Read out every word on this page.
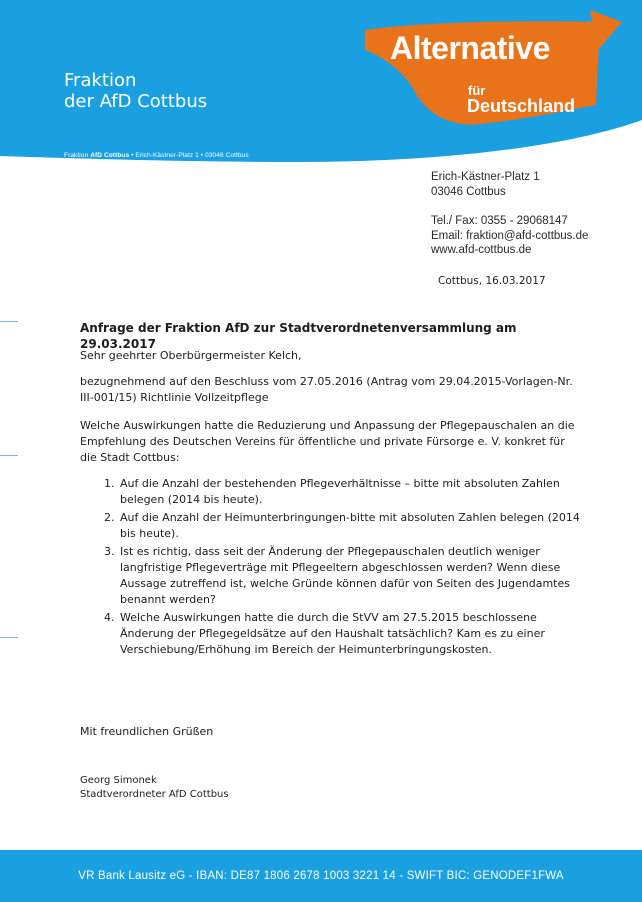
Fraktion
der AfD Cottbus
Alternative
für
Deutschland
Fraktion AfD Cottbus • Erich-Kästner-Platz 1 • 03046 Cottbus
Erich-Kästner-Platz 1
03046 Cottbus
Tel./ Fax: 0355 - 29068147
Email: fraktion@afd-cottbus.de
www.afd-cottbus.de
Cottbus, 16.03.2017
Anfrage der Fraktion AfD zur Stadtverordnetenversammlung am 29.03.2017
Sehr geehrter Oberbürgermeister Kelch,
bezugnehmend auf den Beschluss vom 27.05.2016 (Antrag vom 29.04.2015-Vorlagen-Nr. III-001/15) Richtlinie Vollzeitpflege
Welche Auswirkungen hatte die Reduzierung und Anpassung der Pflegepauschalen an die Empfehlung des Deutschen Vereins für öffentliche und private Fürsorge e. V. konkret für die Stadt Cottbus:
1. Auf die Anzahl der bestehenden Pflegeverhältnisse – bitte mit absoluten Zahlen belegen (2014 bis heute).
2. Auf die Anzahl der Heimunterbringungen-bitte mit absoluten Zahlen belegen (2014 bis heute).
3. Ist es richtig, dass seit der Änderung der Pflegepauschalen deutlich weniger langfristige Pflegeverträge mit Pflegeeltern abgeschlossen werden? Wenn diese Aussage zutreffend ist, welche Gründe können dafür von Seiten des Jugendamtes benannt werden?
4. Welche Auswirkungen hatte die durch die StVV am 27.5.2015 beschlossene Änderung der Pflegegeldsätze auf den Haushalt tatsächlich? Kam es zu einer Verschiebung/Erhöhung im Bereich der Heimunterbringungskosten.
Mit freundlichen Grüßen
Georg Simonek
Stadtverordneter AfD Cottbus
VR Bank Lausitz eG - IBAN: DE87 1806 2678 1003 3221 14 - SWIFT BIC: GENODEF1FWA
